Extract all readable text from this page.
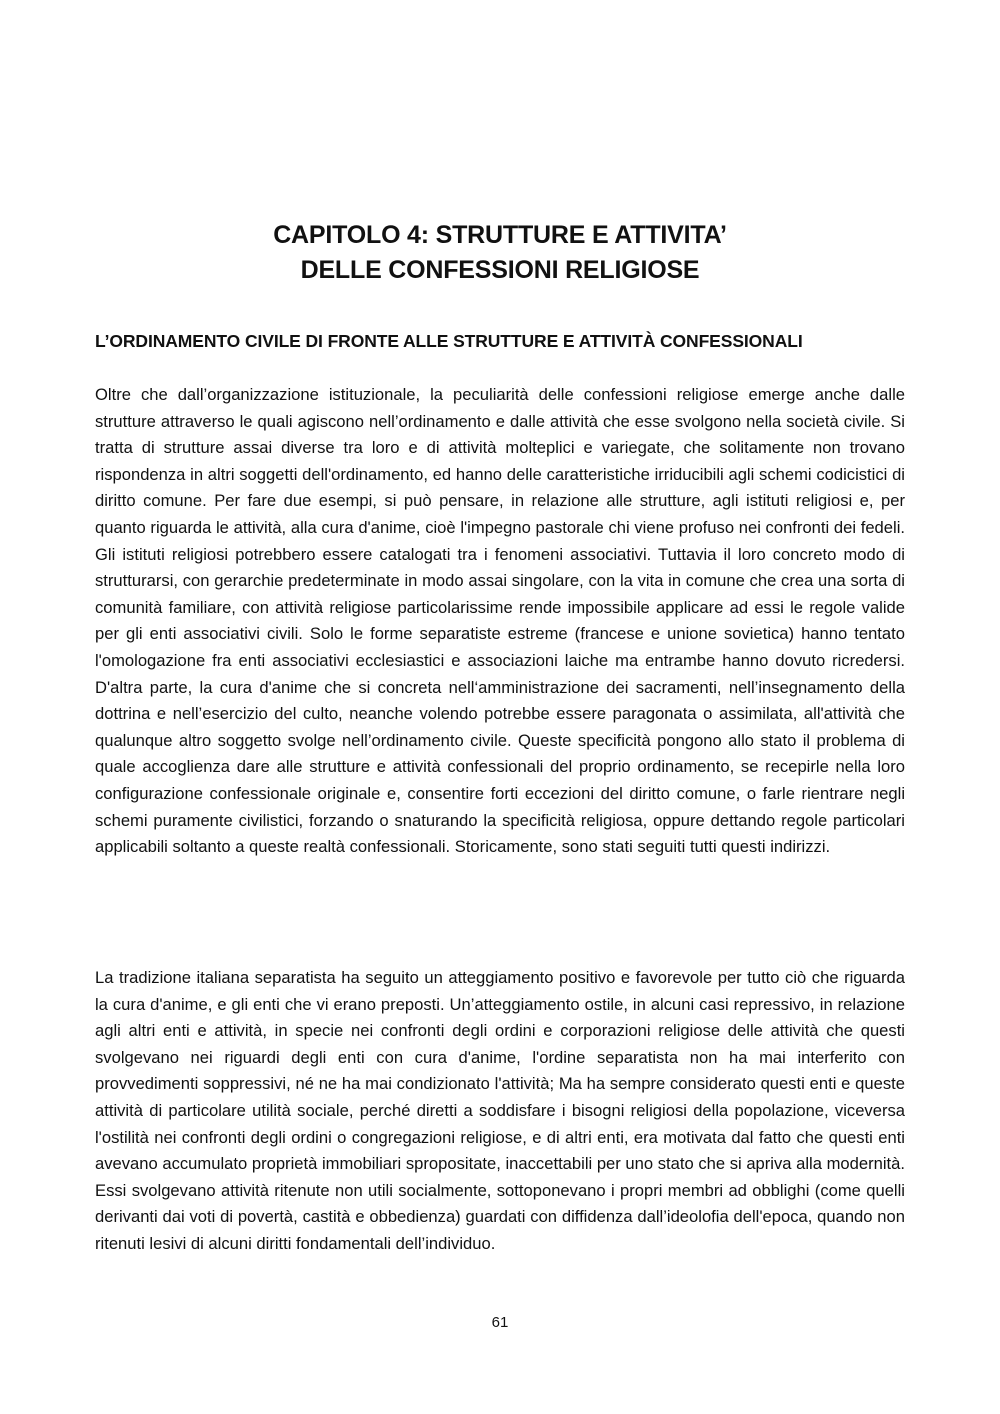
CAPITOLO 4: STRUTTURE E ATTIVITA’
DELLE CONFESSIONI RELIGIOSE
L’ORDINAMENTO CIVILE DI FRONTE ALLE STRUTTURE E ATTIVITÀ CONFESSIONALI

Oltre che dall’organizzazione istituzionale, la peculiarità delle confessioni religiose emerge anche dalle strutture attraverso le quali agiscono nell’ordinamento e dalle attività che esse svolgono nella società civile. Si tratta di strutture assai diverse tra loro e di attività molteplici e variegate, che solitamente non trovano rispondenza in altri soggetti dell'ordinamento, ed hanno delle caratteristiche irriducibili agli schemi codicistici di diritto comune. Per fare due esempi, si può pensare, in relazione alle strutture, agli istituti religiosi e, per quanto riguarda le attività, alla cura d'anime, cioè l'impegno pastorale chi viene profuso nei confronti dei fedeli. Gli istituti religiosi potrebbero essere catalogati tra i fenomeni associativi. Tuttavia il loro concreto modo di strutturarsi, con gerarchie predeterminate in modo assai singolare, con la vita in comune che crea una sorta di comunità familiare, con attività religiose particolarissime rende impossibile applicare ad essi le regole valide per gli enti associativi civili. Solo le forme separatiste estreme (francese e unione sovietica) hanno tentato l'omologazione fra enti associativi ecclesiastici e associazioni laiche ma entrambe hanno dovuto ricredersi. D'altra parte, la cura d'anime che si concreta nell‘amministrazione dei sacramenti, nell’insegnamento della dottrina e nell’esercizio del culto, neanche volendo potrebbe essere paragonata o assimilata, all'attività che qualunque altro soggetto svolge nell’ordinamento civile. Queste specificità pongono allo stato il problema di quale accoglienza dare alle strutture e attività confessionali del proprio ordinamento, se recepirle nella loro configurazione confessionale originale e, consentire forti eccezioni del diritto comune, o farle rientrare negli schemi puramente civilistici, forzando o snaturando la specificità religiosa, oppure dettando regole particolari applicabili soltanto a queste realtà confessionali. Storicamente, sono stati seguiti tutti questi indirizzi.

La tradizione italiana separatista ha seguito un atteggiamento positivo e favorevole per tutto ciò che riguarda la cura d'anime, e gli enti che vi erano preposti. Un’atteggiamento ostile, in alcuni casi repressivo, in relazione agli altri enti e attività, in specie nei confronti degli ordini e corporazioni religiose delle attività che questi svolgevano nei riguardi degli enti con cura d'anime, l'ordine separatista non ha mai interferito con provvedimenti soppressivi, né ne ha mai condizionato l'attività; Ma ha sempre considerato questi enti e queste attività di particolare utilità sociale, perché diretti a soddisfare i bisogni religiosi della popolazione, viceversa l'ostilità nei confronti degli ordini o congregazioni religiose, e di altri enti, era motivata dal fatto che questi enti avevano accumulato proprietà immobiliari spropositate, inaccettabili per uno stato che si apriva alla modernità. Essi svolgevano attività ritenute non utili socialmente, sottoponevano i propri membri ad obblighi (come quelli derivanti dai voti di povertà, castità e obbedienza) guardati con diffidenza dall’ideolofia dell'epoca, quando non ritenuti lesivi di alcuni diritti fondamentali dell’individuo.

61
